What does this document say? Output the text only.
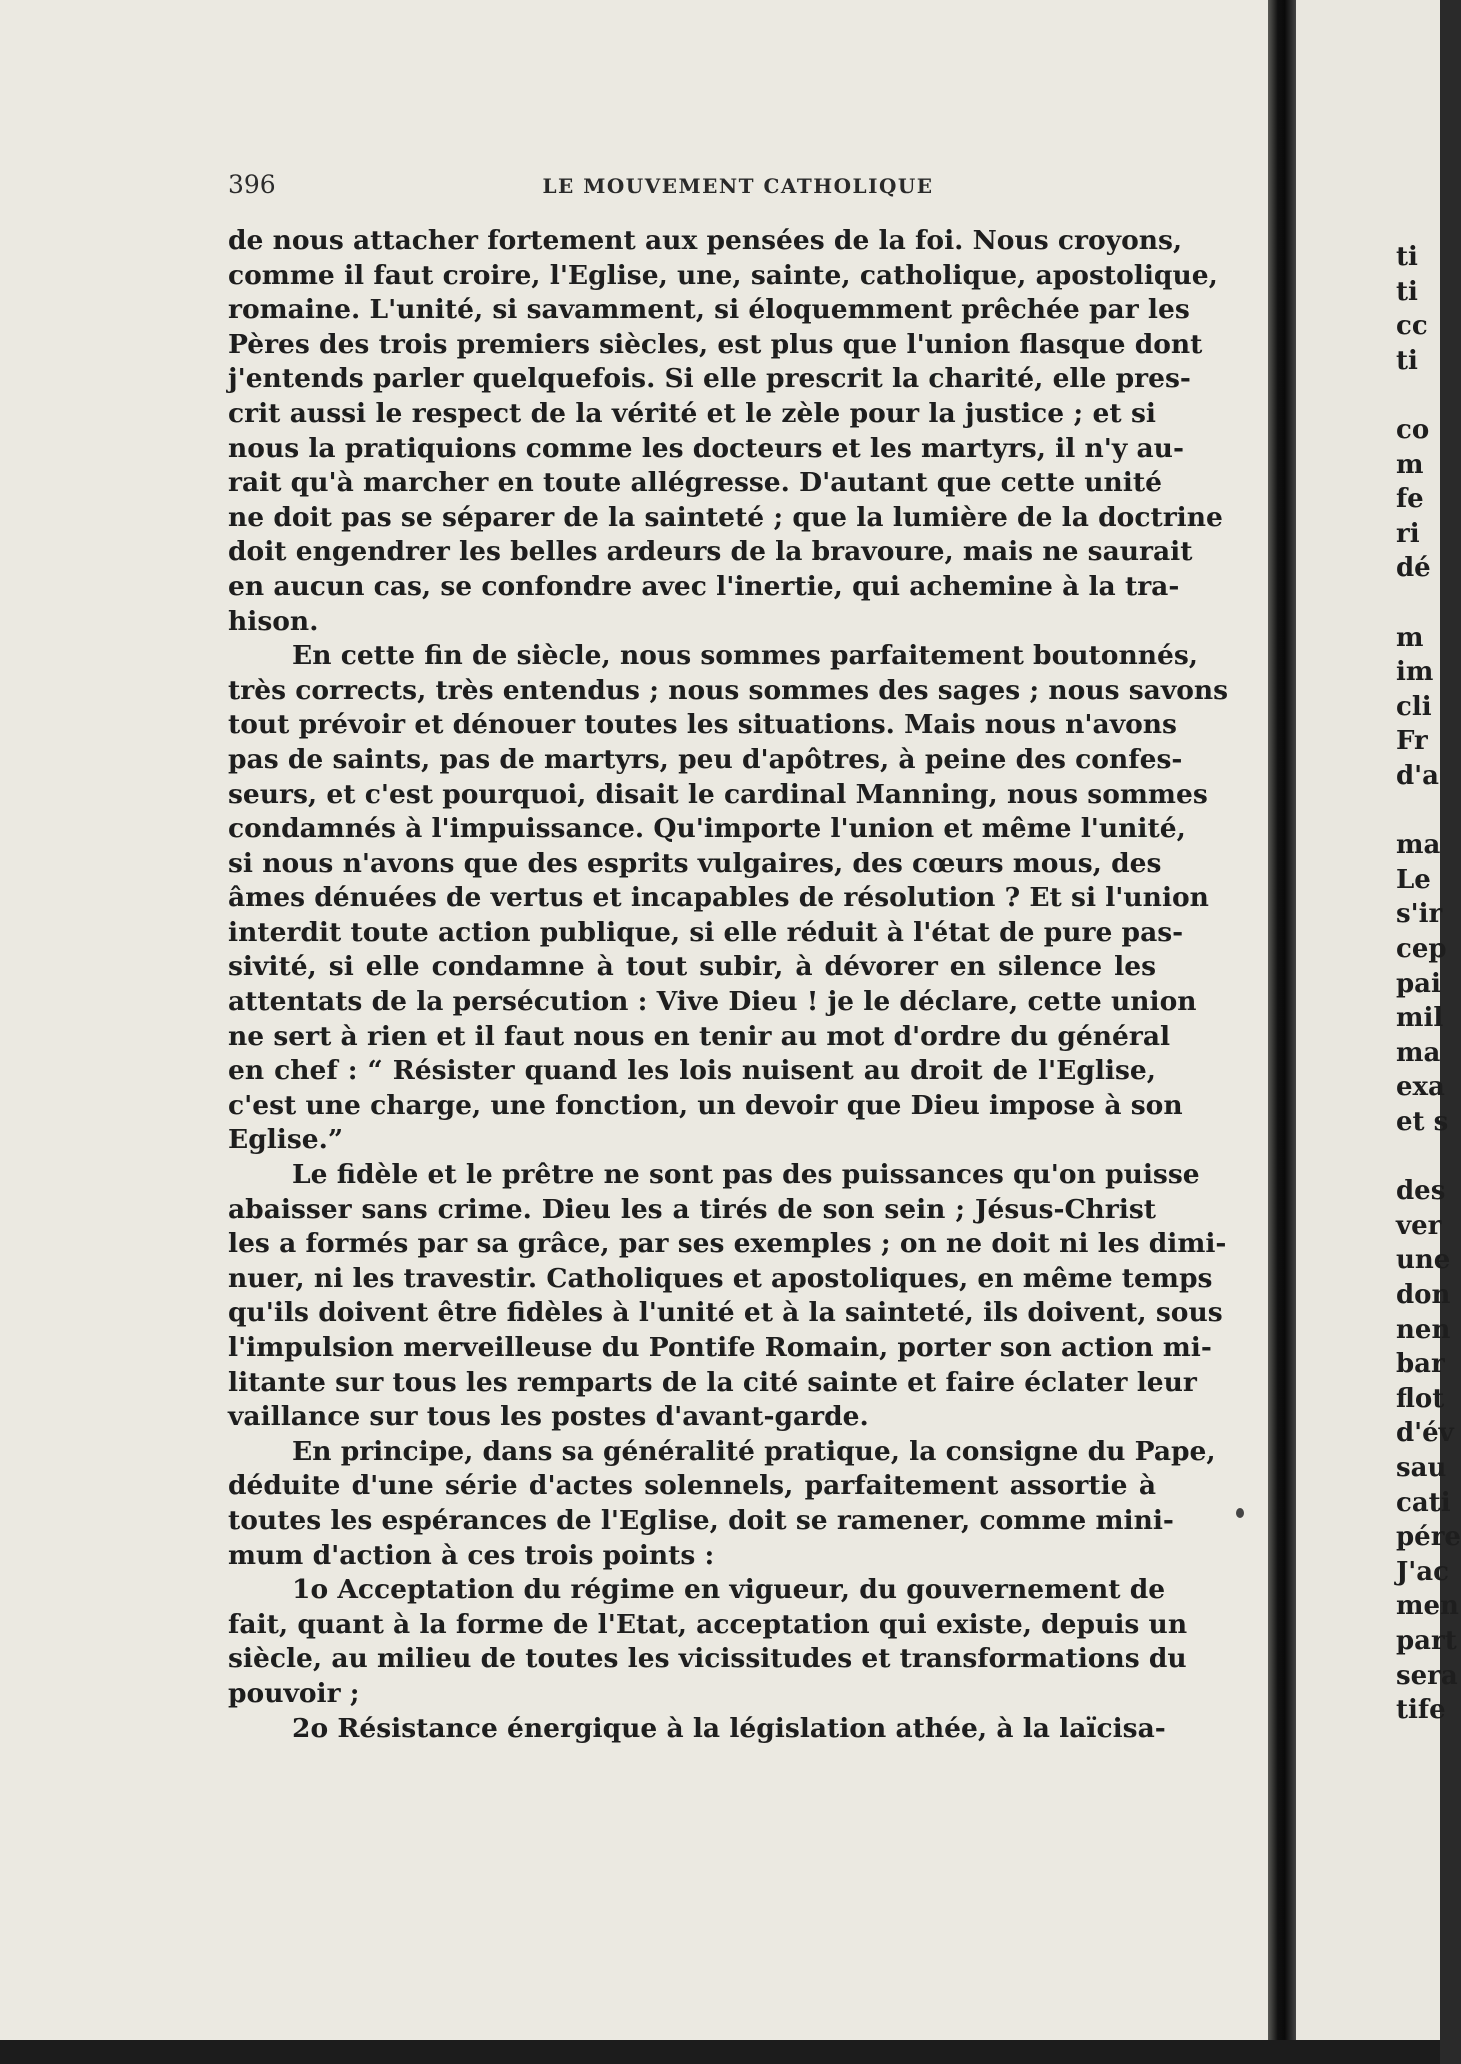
396	LE MOUVEMENT CATHOLIQUE

de nous attacher fortement aux pensées de la foi. Nous croyons,
comme il faut croire, l'Eglise, une, sainte, catholique, apostolique,
romaine. L'unité, si savamment, si éloquemment prêchée par les
Pères des trois premiers siècles, est plus que l'union flasque dont
j'entends parler quelquefois. Si elle prescrit la charité, elle pres-
crit aussi le respect de la vérité et le zèle pour la justice ; et si
nous la pratiquions comme les docteurs et les martyrs, il n'y au-
rait qu'à marcher en toute allégresse. D'autant que cette unité
ne doit pas se séparer de la sainteté ; que la lumière de la doctrine
doit engendrer les belles ardeurs de la bravoure, mais ne saurait
en aucun cas, se confondre avec l'inertie, qui achemine à la tra-
hison.

En cette fin de siècle, nous sommes parfaitement boutonnés,
très corrects, très entendus ; nous sommes des sages ; nous savons
tout prévoir et dénouer toutes les situations. Mais nous n'avons
pas de saints, pas de martyrs, peu d'apôtres, à peine des confes-
seurs, et c'est pourquoi, disait le cardinal Manning, nous sommes
condamnés à l'impuissance. Qu'importe l'union et même l'unité,
si nous n'avons que des esprits vulgaires, des cœurs mous, des
âmes dénuées de vertus et incapables de résolution ? Et si l'union
interdit toute action publique, si elle réduit à l'état de pure pas-
sivité, si elle condamne à tout subir, à dévorer en silence les
attentats de la persécution : Vive Dieu ! je le déclare, cette union
ne sert à rien et il faut nous en tenir au mot d'ordre du général
en chef : “ Résister quand les lois nuisent au droit de l'Eglise,
c'est une charge, une fonction, un devoir que Dieu impose à son
Eglise.”

Le fidèle et le prêtre ne sont pas des puissances qu'on puisse
abaisser sans crime. Dieu les a tirés de son sein ; Jésus-Christ
les a formés par sa grâce, par ses exemples ; on ne doit ni les dimi-
nuer, ni les travestir. Catholiques et apostoliques, en même temps
qu'ils doivent être fidèles à l'unité et à la sainteté, ils doivent, sous
l'impulsion merveilleuse du Pontife Romain, porter son action mi-
litante sur tous les remparts de la cité sainte et faire éclater leur
vaillance sur tous les postes d'avant-garde.

En principe, dans sa généralité pratique, la consigne du Pape,
déduite d'une série d'actes solennels, parfaitement assortie à
toutes les espérances de l'Eglise, doit se ramener, comme mini-
mum d'action à ces trois points :

1o Acceptation du régime en vigueur, du gouvernement de
fait, quant à la forme de l'Etat, acceptation qui existe, depuis un
siècle, au milieu de toutes les vicissitudes et transformations du
pouvoir ;

2o Résistance énergique à la législation athée, à la laïcisa-

ti
ti
cc
ti
co
m
fe
ri
dé
m
im
cli
Fr
d'a
ma
Le
s'ir
cep
pai
mil
ma
exa
et s
des
ver
une
don
nen
bar
flot
d'év
sau
cati
pére
J'ac
men
part
sera
tife
